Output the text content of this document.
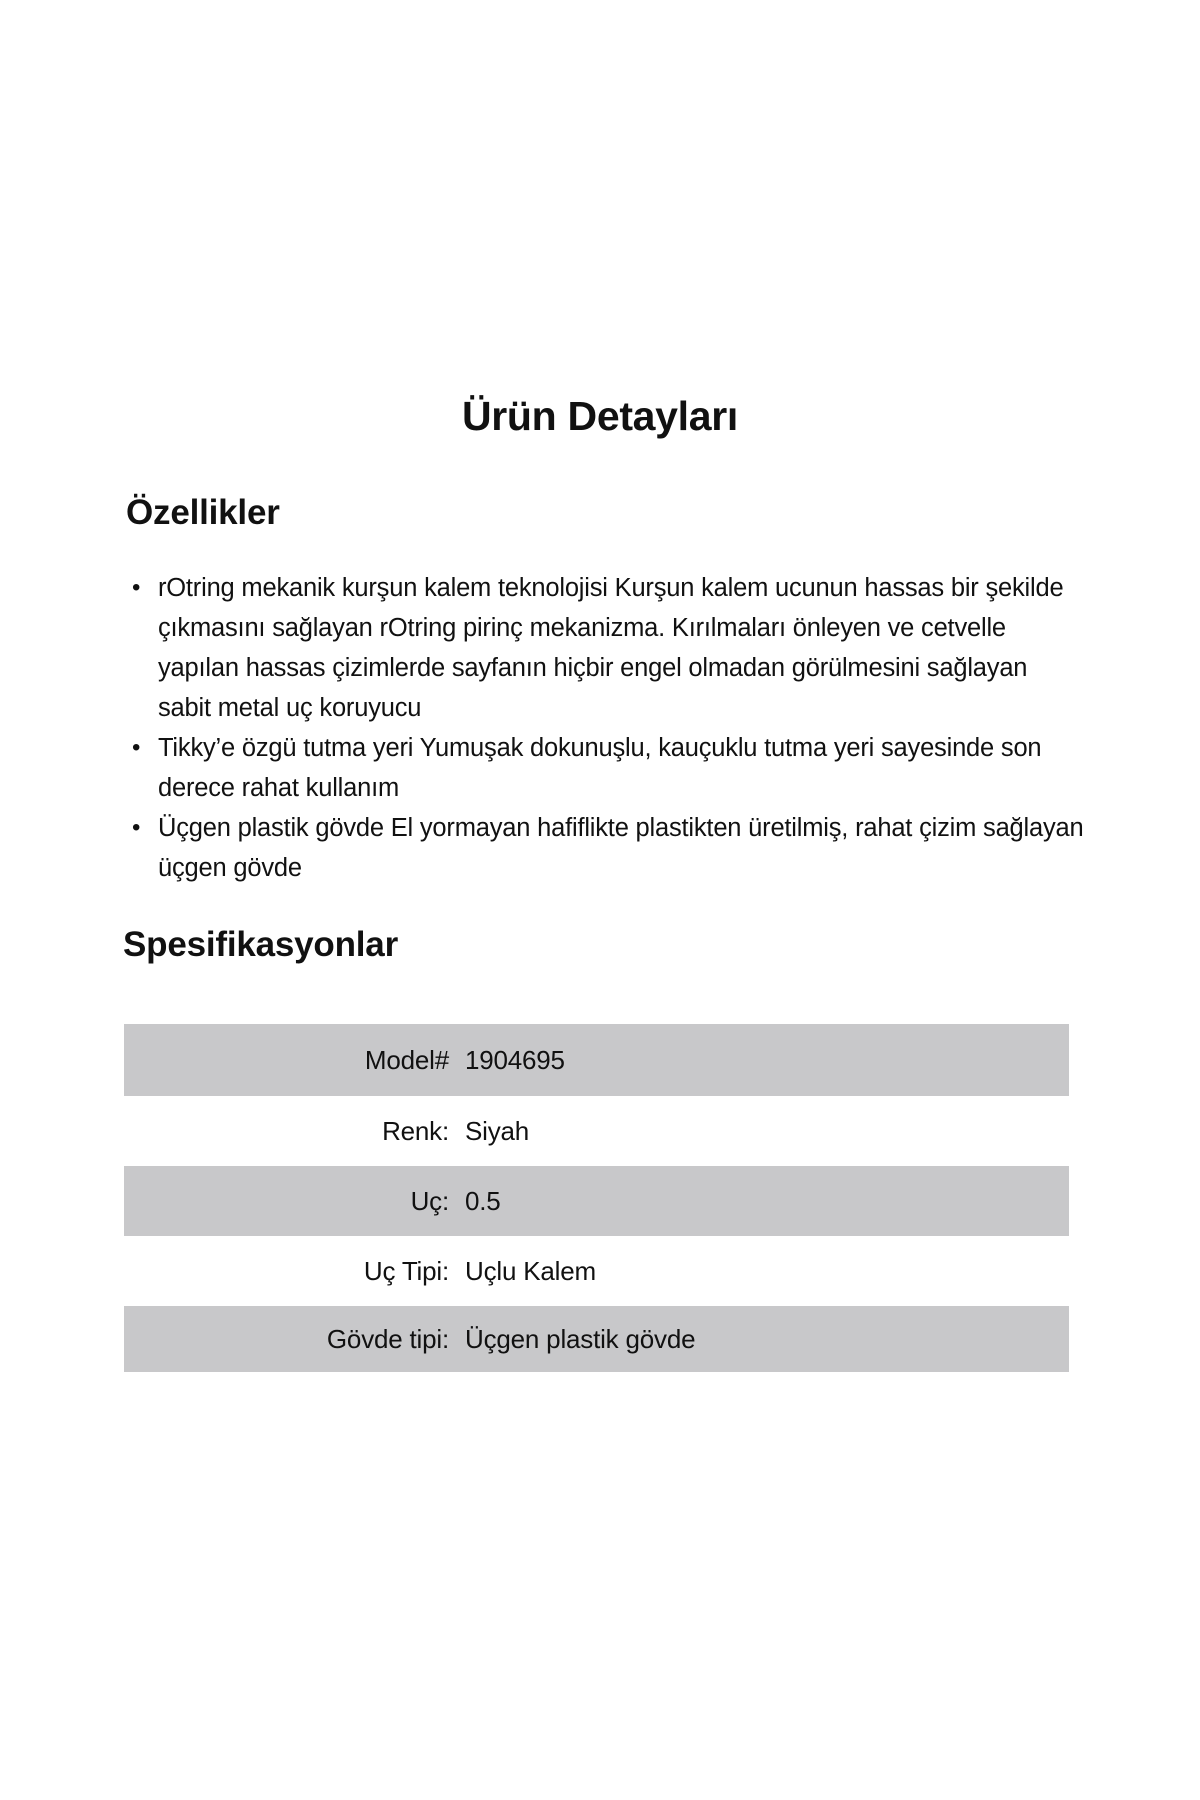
Ürün Detayları
Özellikler
• rOtring mekanik kurşun kalem teknolojisi Kurşun kalem ucunun hassas bir şekilde çıkmasını sağlayan rOtring pirinç mekanizma. Kırılmaları önleyen ve cetvelle yapılan hassas çizimlerde sayfanın hiçbir engel olmadan görülmesini sağlayan sabit metal uç koruyucu
• Tikky’e özgü tutma yeri Yumuşak dokunuşlu, kauçuklu tutma yeri sayesinde son derece rahat kullanım
• Üçgen plastik gövde El yormayan hafiflikte plastikten üretilmiş, rahat çizim sağlayan üçgen gövde
Spesifikasyonlar
Model#	1904695
Renk:	Siyah
Uç:	0.5
Uç Tipi:	Uçlu Kalem
Gövde tipi:	Üçgen plastik gövde
